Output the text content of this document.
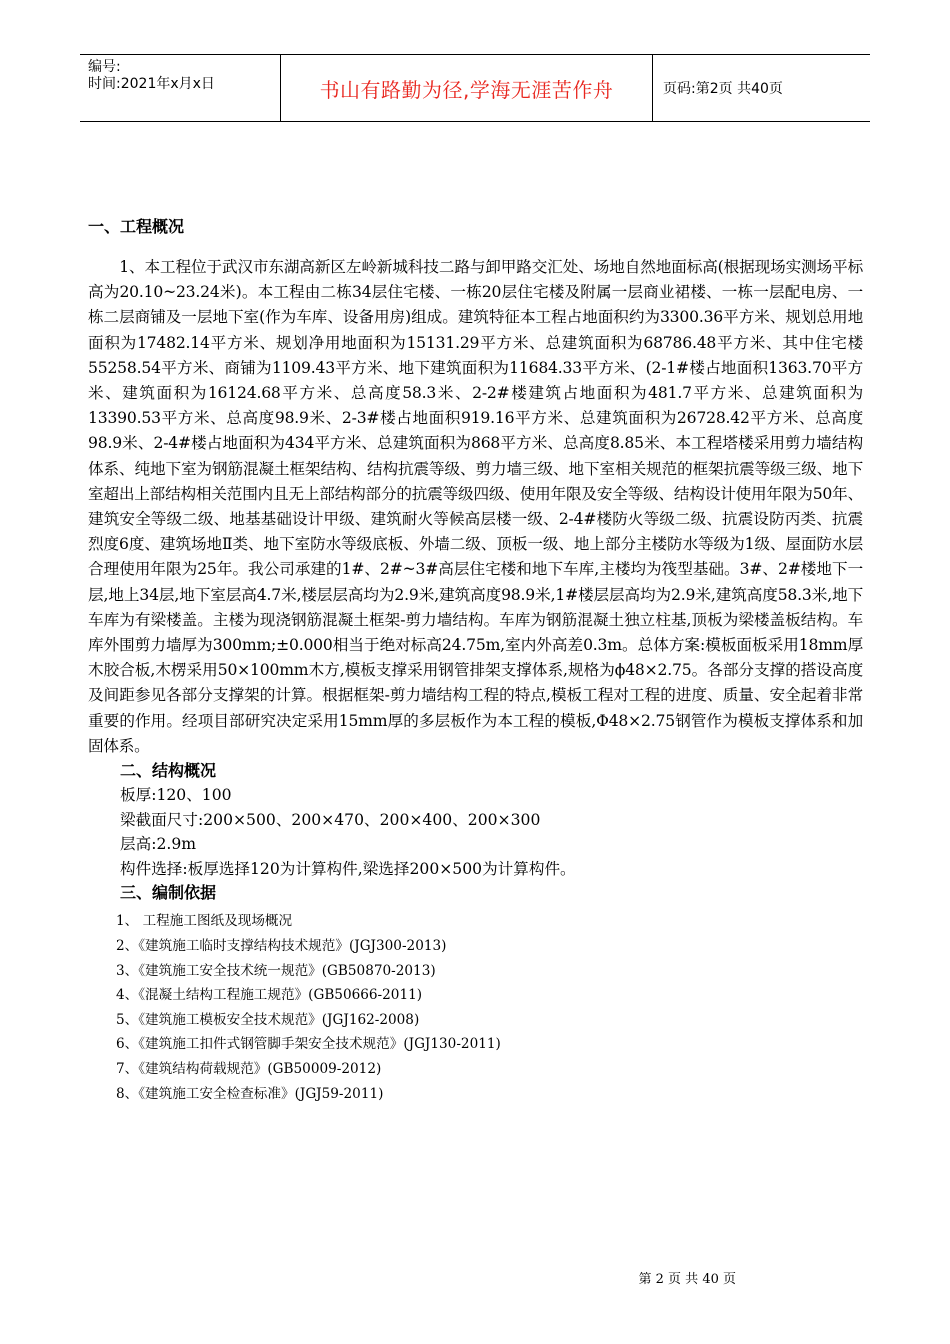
编号:
时间:2021年x月x日	书山有路勤为径,学海无涯苦作舟	页码:第2页 共40页
一、工程概况

1、本工程位于武汉市东湖高新区左岭新城科技二路与卸甲路交汇处、场地自然地面标高(根据现场实测场平标高为20.10~23.24米)。本工程由二栋34层住宅楼、一栋20层住宅楼及附属一层商业裙楼、一栋一层配电房、一栋二层商铺及一层地下室(作为车库、设备用房)组成。建筑特征本工程占地面积约为3300.36平方米、规划总用地面积为17482.14平方米、规划净用地面积为15131.29平方米、总建筑面积为68786.48平方米、其中住宅楼55258.54平方米、商铺为1109.43平方米、地下建筑面积为11684.33平方米、(2-1#楼占地面积1363.70平方米、建筑面积为16124.68平方米、总高度58.3米、2-2#楼建筑占地面积为481.7平方米、总建筑面积为13390.53平方米、总高度98.9米、2-3#楼占地面积919.16平方米、总建筑面积为26728.42平方米、总高度98.9米、2-4#楼占地面积为434平方米、总建筑面积为868平方米、总高度8.85米、本工程塔楼采用剪力墙结构体系、纯地下室为钢筋混凝土框架结构、结构抗震等级、剪力墙三级、地下室相关规范的框架抗震等级三级、地下室超出上部结构相关范围内且无上部结构部分的抗震等级四级、使用年限及安全等级、结构设计使用年限为50年、建筑安全等级二级、地基基础设计甲级、建筑耐火等候高层楼一级、2-4#楼防火等级二级、抗震设防丙类、抗震烈度6度、建筑场地Ⅱ类、地下室防水等级底板、外墙二级、顶板一级、地上部分主楼防水等级为1级、屋面防水层合理使用年限为25年。我公司承建的1#、2#~3#高层住宅楼和地下车库,主楼均为筏型基础。3#、2#楼地下一层,地上34层,地下室层高4.7米,楼层层高均为2.9米,建筑高度98.9米,1#楼层层高均为2.9米,建筑高度58.3米,地下车库为有梁楼盖。主楼为现浇钢筋混凝土框架-剪力墙结构。车库为钢筋混凝土独立柱基,顶板为梁楼盖板结构。车库外围剪力墙厚为300mm;±0.000相当于绝对标高24.75m,室内外高差0.3m。总体方案:模板面板采用18mm厚木胶合板,木楞采用50×100mm木方,模板支撑采用钢管排架支撑体系,规格为ϕ48×2.75。各部分支撑的搭设高度及间距参见各部分支撑架的计算。根据框架-剪力墙结构工程的特点,模板工程对工程的进度、质量、安全起着非常重要的作用。经项目部研究决定采用15mm厚的多层板作为本工程的模板,Φ48×2.75钢管作为模板支撑体系和加固体系。

二、结构概况

板厚:120、100

梁截面尺寸:200×500、200×470、200×400、200×300

层高:2.9m

构件选择:板厚选择120为计算构件,梁选择200×500为计算构件。

三、编制依据
1、 工程施工图纸及现场概况
2、《建筑施工临时支撑结构技术规范》(JGJ300-2013)
3、《建筑施工安全技术统一规范》(GB50870-2013)
4、《混凝土结构工程施工规范》(GB50666-2011)
5、《建筑施工模板安全技术规范》(JGJ162-2008)
6、《建筑施工扣件式钢管脚手架安全技术规范》(JGJ130-2011)
7、《建筑结构荷载规范》(GB50009-2012)
8、《建筑施工安全检查标准》(JGJ59-2011)
第 2 页 共 40 页
